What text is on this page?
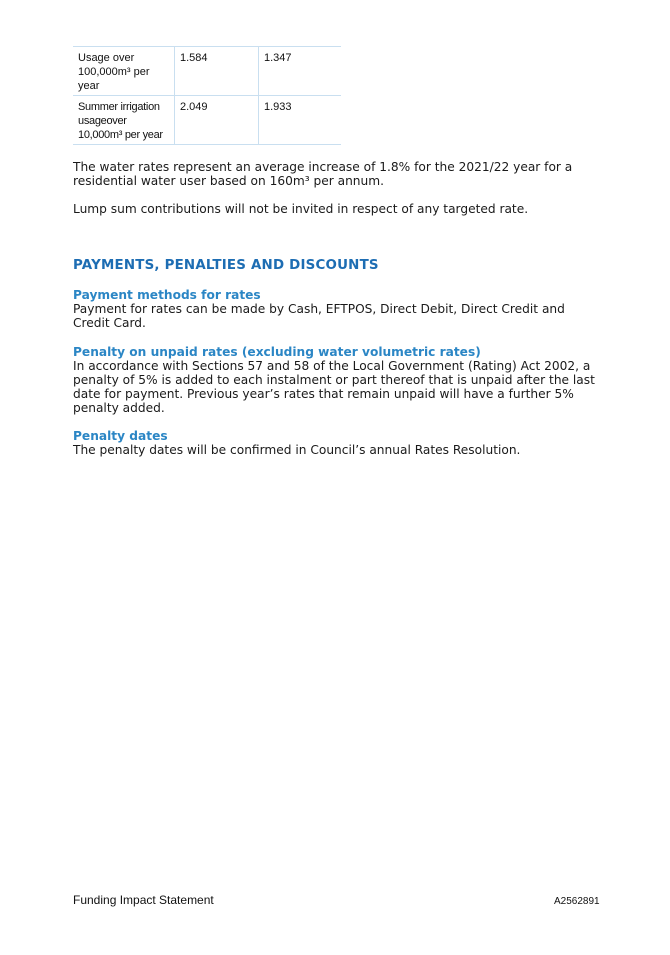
Usage over 100,000m³ per year	1.584	1.347
Summer irrigation usageover 10,000m³ per year	2.049	1.933

The water rates represent an average increase of 1.8% for the 2021/22 year for a residential water user based on 160m³ per annum.

Lump sum contributions will not be invited in respect of any targeted rate.

PAYMENTS, PENALTIES AND DISCOUNTS
Payment methods for rates

Payment for rates can be made by Cash, EFTPOS, Direct Debit, Direct Credit and Credit Card.

Penalty on unpaid rates (excluding water volumetric rates)

In accordance with Sections 57 and 58 of the Local Government (Rating) Act 2002, a penalty of 5% is added to each instalment or part thereof that is unpaid after the last date for payment. Previous year’s rates that remain unpaid will have a further 5% penalty added.

Penalty dates

The penalty dates will be confirmed in Council’s annual Rates Resolution.

Funding Impact Statement	A2562891
